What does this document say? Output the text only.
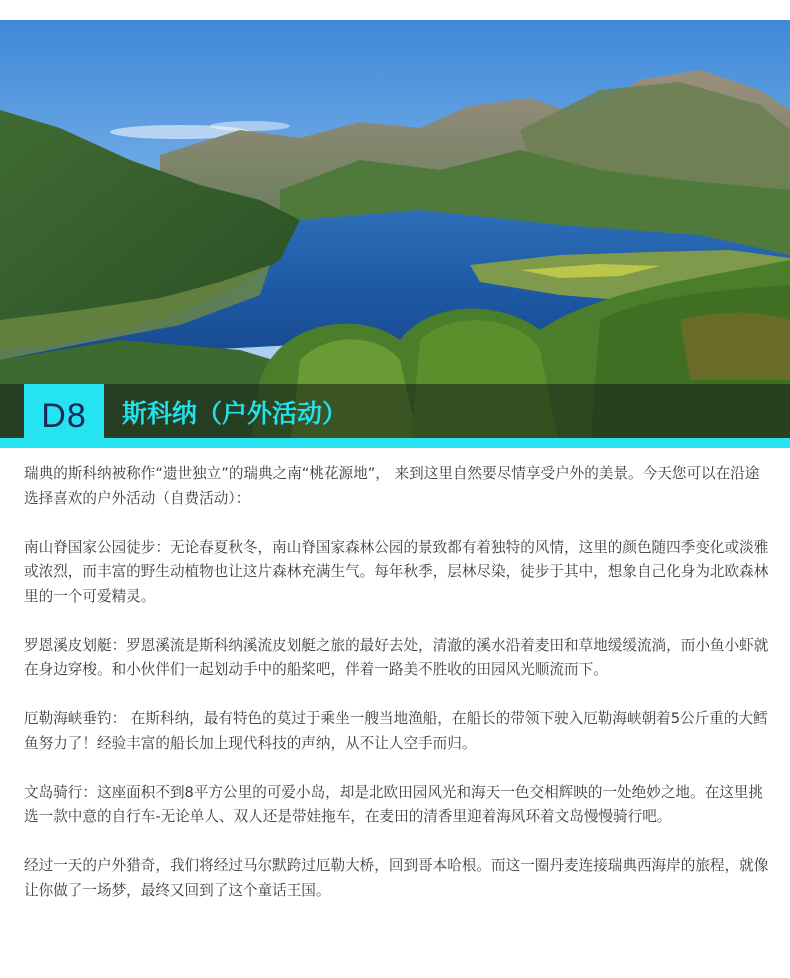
D8 斯科纳（户外活动）

瑞典的斯科纳被称作“遗世独立”的瑞典之南“桃花源地”， 来到这里自然要尽情享受户外的美景。今天您可以在沿途选择喜欢的户外活动（自费活动）：

南山脊国家公园徒步：无论春夏秋冬，南山脊国家森林公园的景致都有着独特的风情，这里的颜色随四季变化或淡雅或浓烈，而丰富的野生动植物也让这片森林充满生气。每年秋季，层林尽染，徒步于其中，想象自己化身为北欧森林里的一个可爱精灵。

罗恩溪皮划艇：罗恩溪流是斯科纳溪流皮划艇之旅的最好去处，清澈的溪水沿着麦田和草地缓缓流淌，而小鱼小虾就在身边穿梭。和小伙伴们一起划动手中的船桨吧，伴着一路美不胜收的田园风光顺流而下。

厄勒海峡垂钓： 在斯科纳，最有特色的莫过于乘坐一艘当地渔船，在船长的带领下驶入厄勒海峡朝着5公斤重的大鳕鱼努力了！经验丰富的船长加上现代科技的声纳，从不让人空手而归。

文岛骑行：这座面积不到8平方公里的可爱小岛，却是北欧田园风光和海天一色交相辉映的一处绝妙之地。在这里挑选一款中意的自行车-无论单人、双人还是带娃拖车，在麦田的清香里迎着海风环着文岛慢慢骑行吧。

经过一天的户外猎奇，我们将经过马尔默跨过厄勒大桥，回到哥本哈根。而这一圈丹麦连接瑞典西海岸的旅程，就像让你做了一场梦，最终又回到了这个童话王国。
